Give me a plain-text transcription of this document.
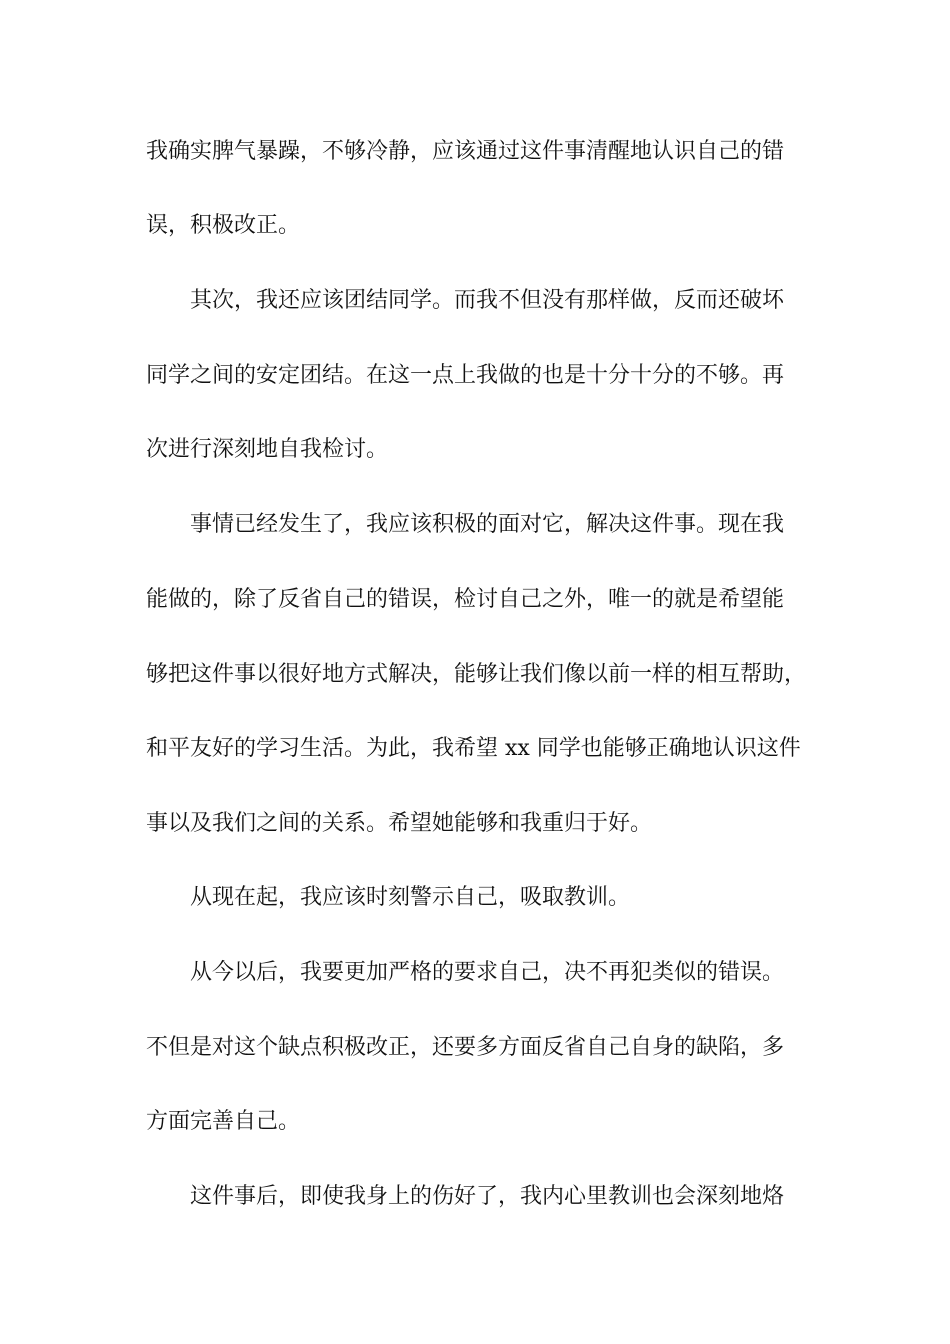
我确实脾气暴躁，不够冷静，应该通过这件事清醒地认识自己的错
误，积极改正。
其次，我还应该团结同学。而我不但没有那样做，反而还破坏
同学之间的安定团结。在这一点上我做的也是十分十分的不够。再
次进行深刻地自我检讨。
事情已经发生了，我应该积极的面对它，解决这件事。现在我
能做的，除了反省自己的错误，检讨自己之外，唯一的就是希望能
够把这件事以很好地方式解决，能够让我们像以前一样的相互帮助，
和平友好的学习生活。为此，我希望 xx 同学也能够正确地认识这件
事以及我们之间的关系。希望她能够和我重归于好。
从现在起，我应该时刻警示自己，吸取教训。
从今以后，我要更加严格的要求自己，决不再犯类似的错误。
不但是对这个缺点积极改正，还要多方面反省自己自身的缺陷，多
方面完善自己。
这件事后，即使我身上的伤好了，我内心里教训也会深刻地烙
